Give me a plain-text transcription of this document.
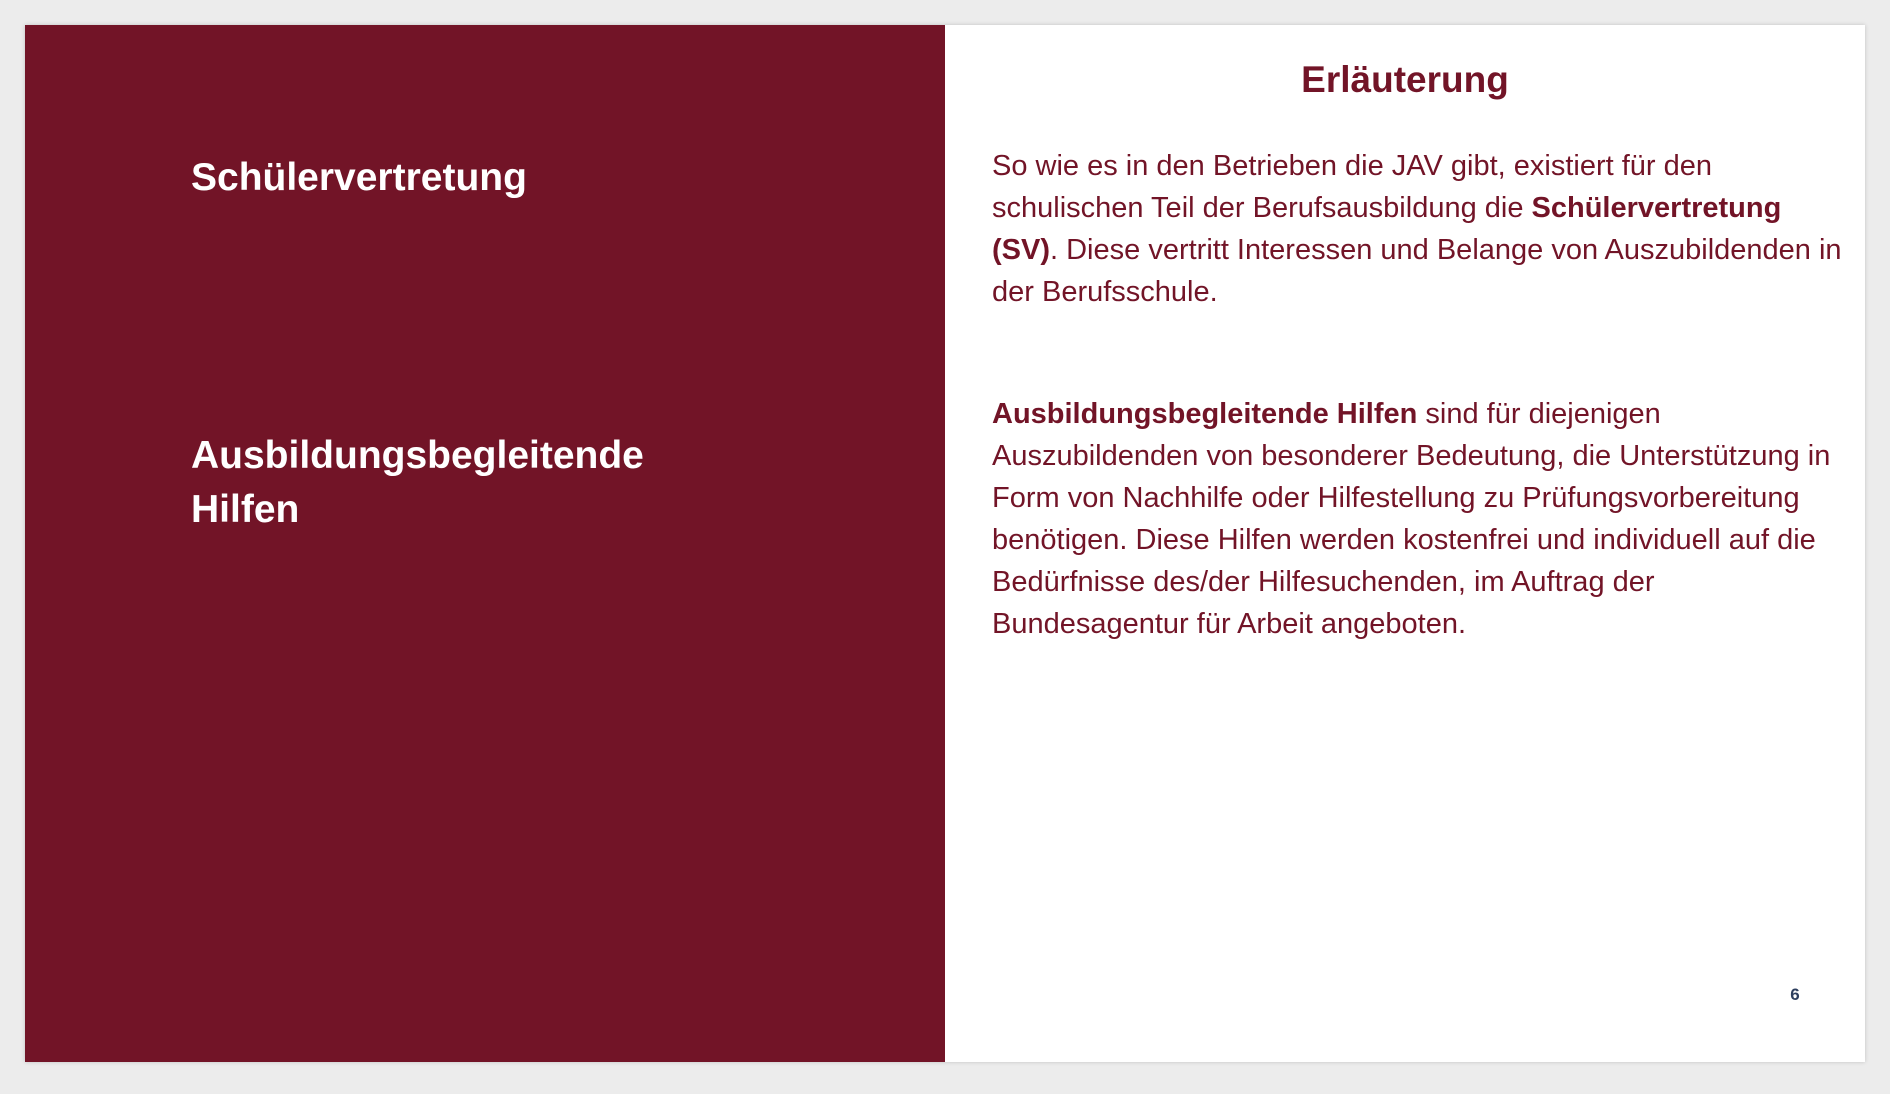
Schülervertretung
Ausbildungsbegleitende Hilfen
Erläuterung

So wie es in den Betrieben die JAV gibt, existiert für den schulischen Teil der Berufsausbildung die Schülervertretung (SV). Diese vertritt Interessen und Belange von Auszubildenden in der Berufsschule.

Ausbildungsbegleitende Hilfen sind für diejenigen Auszubildenden von besonderer Bedeutung, die Unterstützung in Form von Nachhilfe oder Hilfestellung zu Prüfungsvorbereitung benötigen. Diese Hilfen werden kostenfrei und individuell auf die Bedürfnisse des/der Hilfesuchenden, im Auftrag der Bundesagentur für Arbeit angeboten.

6
